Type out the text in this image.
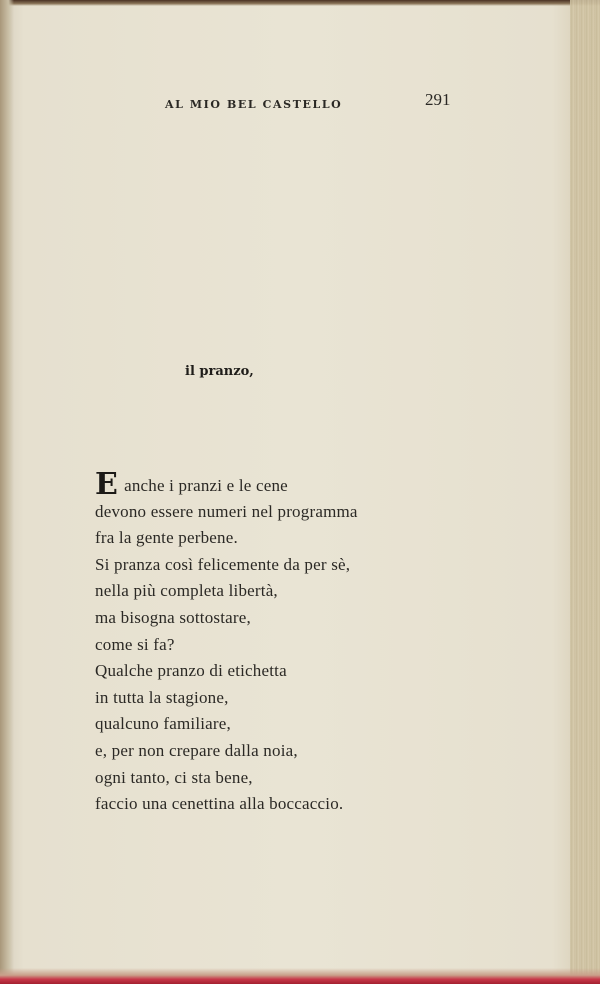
AL MIO BEL CASTELLO	291
il pranzo,
Eanche i pranzi e le cene
devono essere numeri nel programma
fra la gente perbene.
Si pranza così felicemente da per sè,
nella più completa libertà,
ma bisogna sottostare,
come si fa?
Qualche pranzo di etichetta
in tutta la stagione,
qualcuno familiare,
e, per non crepare dalla noia,
ogni tanto, ci sta bene,
faccio una cenettina alla boccaccio.
